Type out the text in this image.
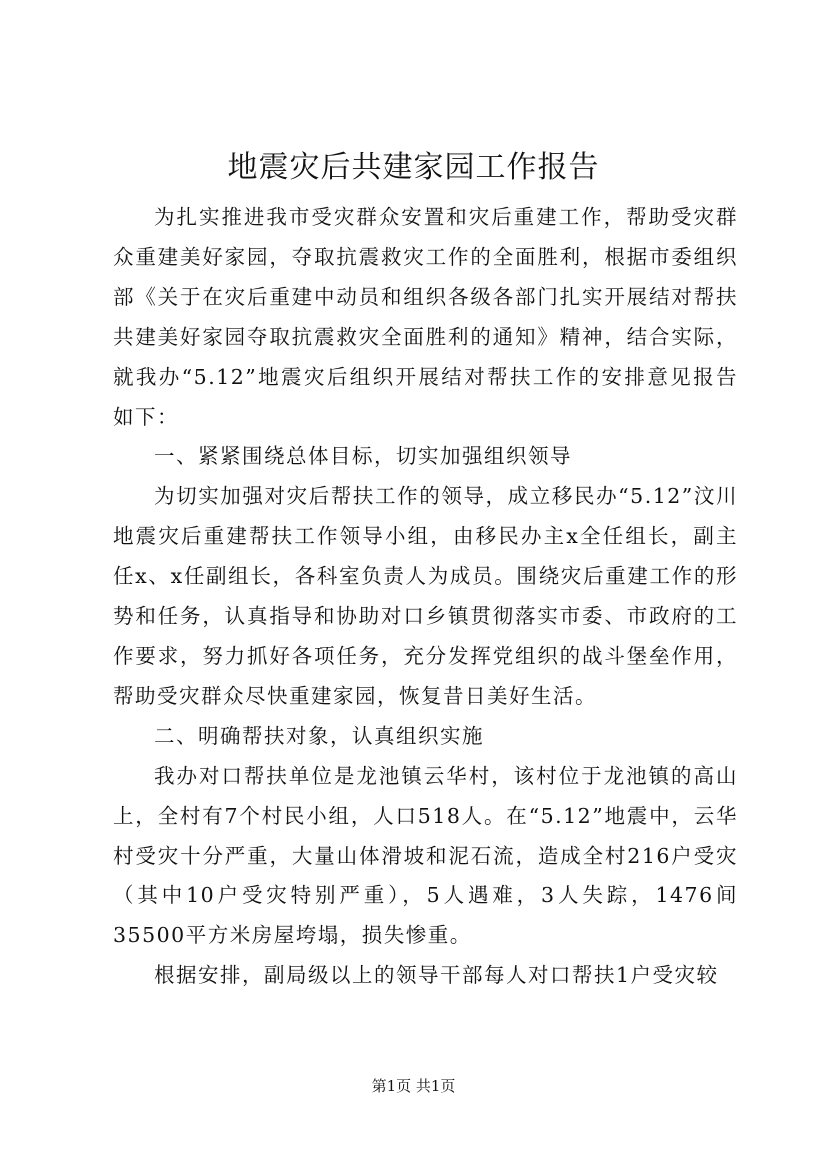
地震灾后共建家园工作报告

为扎实推进我市受灾群众安置和灾后重建工作，帮助受灾群众重建美好家园，夺取抗震救灾工作的全面胜利，根据市委组织部《关于在灾后重建中动员和组织各级各部门扎实开展结对帮扶共建美好家园夺取抗震救灾全面胜利的通知》精神，结合实际，就我办“5.12”地震灾后组织开展结对帮扶工作的安排意见报告如下：

一、紧紧围绕总体目标，切实加强组织领导

为切实加强对灾后帮扶工作的领导，成立移民办“5.12”汶川地震灾后重建帮扶工作领导小组，由移民办主x全任组长，副主任x、x任副组长，各科室负责人为成员。围绕灾后重建工作的形势和任务，认真指导和协助对口乡镇贯彻落实市委、市政府的工作要求，努力抓好各项任务，充分发挥党组织的战斗堡垒作用，帮助受灾群众尽快重建家园，恢复昔日美好生活。

二、明确帮扶对象，认真组织实施

我办对口帮扶单位是龙池镇云华村，该村位于龙池镇的高山上，全村有7个村民小组，人口518人。在“5.12”地震中，云华村受灾十分严重，大量山体滑坡和泥石流，造成全村216户受灾（其中10户受灾特别严重），5人遇难，3人失踪，1476间35500平方米房屋垮塌，损失惨重。

根据安排，副局级以上的领导干部每人对口帮扶1户受灾较

第1页 共1页
